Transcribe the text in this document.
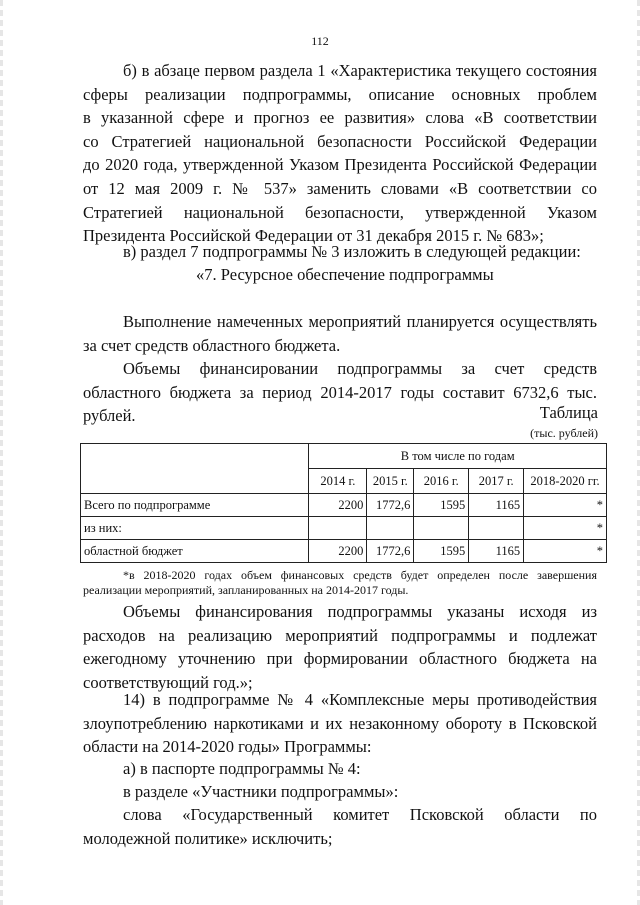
112
б) в абзаце первом раздела 1 «Характеристика текущего состояния
сферы реализации подпрограммы, описание основных проблем
в указанной сфере и прогноз ее развития» слова «В соответствии
со Стратегией национальной безопасности Российской Федерации
до 2020 года, утвержденной Указом Президента Российской Федерации
от 12 мая 2009 г. № 537» заменить словами «В соответствии со
Стратегией национальной безопасности, утвержденной Указом
Президента Российской Федерации от 31 декабря 2015 г. № 683»;

в) раздел 7 подпрограммы № 3 изложить в следующей редакции:

«7. Ресурсное обеспечение подпрограммы

Выполнение намеченных мероприятий планируется осуществлять за счет средств областного бюджета.

Объемы финансировании подпрограммы за счет средств областного бюджета за период 2014-2017 годы составит 6732,6 тыс. рублей.	Таблица
(тыс. рублей)
	В том числе по годам				
	2014 г.	2015 г.	2016 г.	2017 г.	2018-2020 гг.
Всего по подпрограмме	2200	1772,6	1595	1165	*
из них:					*
областной бюджет	2200	1772,6	1595	1165	*

*в 2018-2020 годах объем финансовых средств будет определен после завершения реализации мероприятий, запланированных на 2014-2017 годы.

Объемы финансирования подпрограммы указаны исходя из расходов на реализацию мероприятий подпрограммы и подлежат ежегодному уточнению при формировании областного бюджета на соответствующий год.»;

14) в подпрограмме № 4 «Комплексные меры противодействия злоупотреблению наркотиками и их незаконному обороту в Псковской области на 2014-2020 годы» Программы:

а) в паспорте подпрограммы № 4:

в разделе «Участники подпрограммы»:

слова «Государственный комитет Псковской области по молодежной политике» исключить;
